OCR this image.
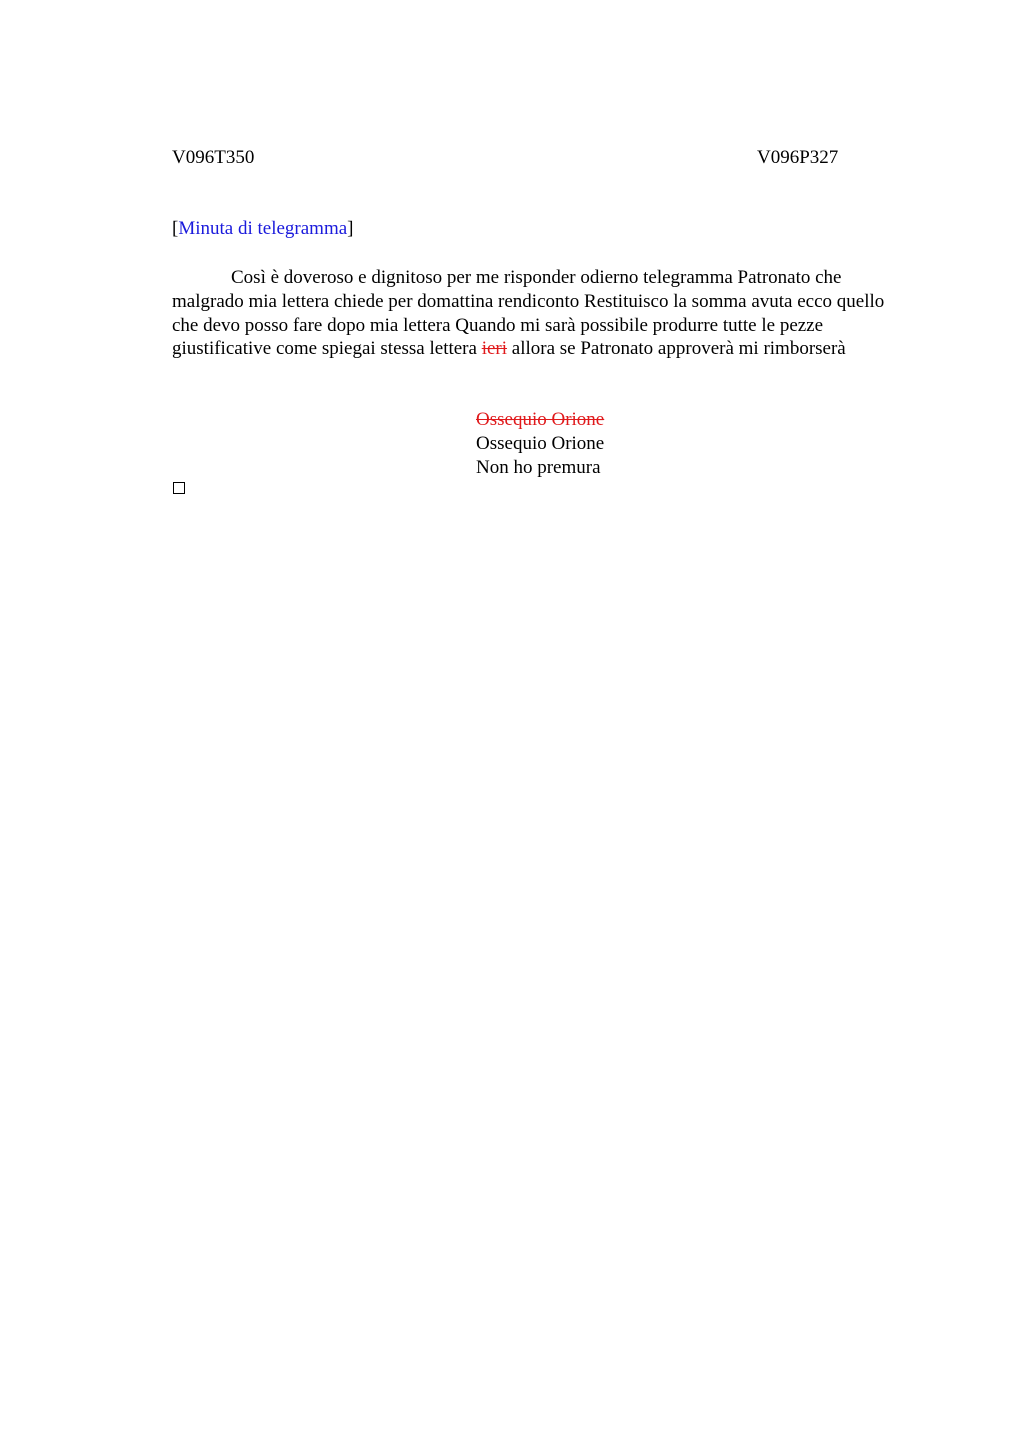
V096T350	V096P327
[Minuta di telegramma]

Così è doveroso e dignitoso per me risponder odierno telegramma Patronato che malgrado mia lettera chiede per domattina rendiconto Restituisco la somma avuta ecco quello che devo posso fare dopo mia lettera Quando mi sarà possibile produrre tutte le pezze giustificative come spiegai stessa lettera ieri allora se Patronato approverà mi rimborserà

Ossequio Orione
Ossequio Orione
Non ho premura
